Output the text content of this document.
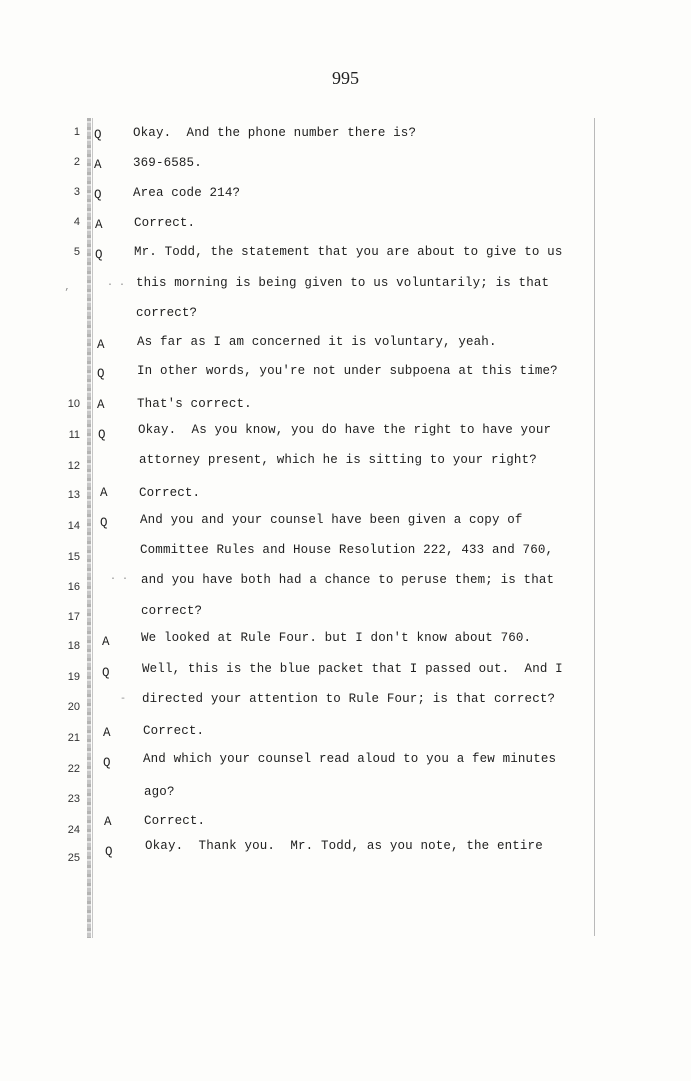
995
‚	. .
· ·
-
1 Q	Okay.  And the phone number there is?
2 A	369-6585.
3 Q	Area code 214?
4 A	Correct.
5 Q	Mr. Todd, the statement that you are about to give to us
this morning is being given to us voluntarily; is that
correct?
A	As far as I am concerned it is voluntary, yeah.
Q	In other words, you're not under subpoena at this time?
10 A	That's correct.
11 Q	Okay.  As you know, you do have the right to have your
12	attorney present, which he is sitting to your right?
13 A	Correct.
14 Q	And you and your counsel have been given a copy of
15	Committee Rules and House Resolution 222, 433 and 760,
16	and you have both had a chance to peruse them; is that
17	correct?
18 A	We looked at Rule Four. but I don't know about 760.
19 Q	Well, this is the blue packet that I passed out.  And I
20
directed your attention to Rule Four; is that correct?
21 A	Correct.
22 Q	And which your counsel read aloud to you a few minutes
23	ago?
24
A	Correct.
25 Q	Okay.  Thank you.  Mr. Todd, as you note, the entire
